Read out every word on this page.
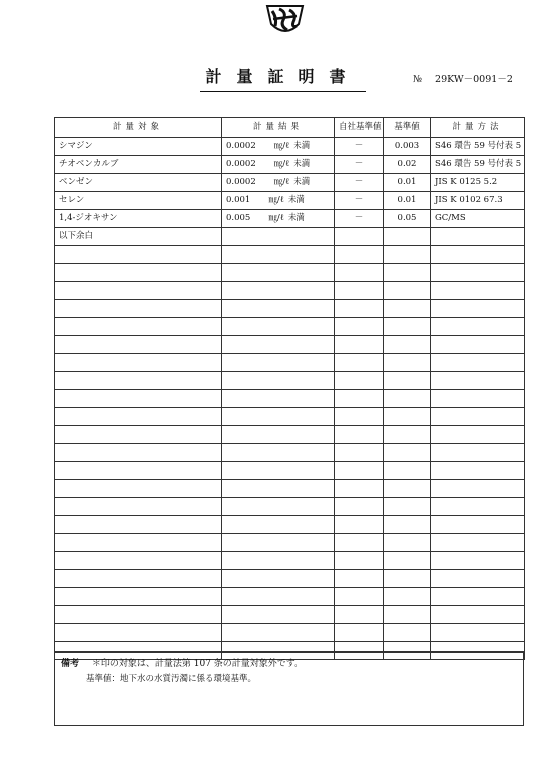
計量証明書	№ 29KW－0091－2
計量対象	計量結果	自社基準値	基準値	計量方法
シマジン	0.0002 ㎎/ℓ 未満	－	0.003	S46 環告 59 号付表 5
チオベンカルブ	0.0002 ㎎/ℓ 未満	－	0.02	S46 環告 59 号付表 5
ベンゼン	0.0002 ㎎/ℓ 未満	－	0.01	JIS K 0125 5.2
セレン	0.001 ㎎/ℓ 未満	－	0.01	JIS K 0102 67.3
1,4-ジオキサン	0.005 ㎎/ℓ 未満	－	0.05	GC/MS
以下余白				

備考 ＊印の対象は、計量法第 107 条の計量対象外です。
基準値：地下水の水質汚濁に係る環境基準。
